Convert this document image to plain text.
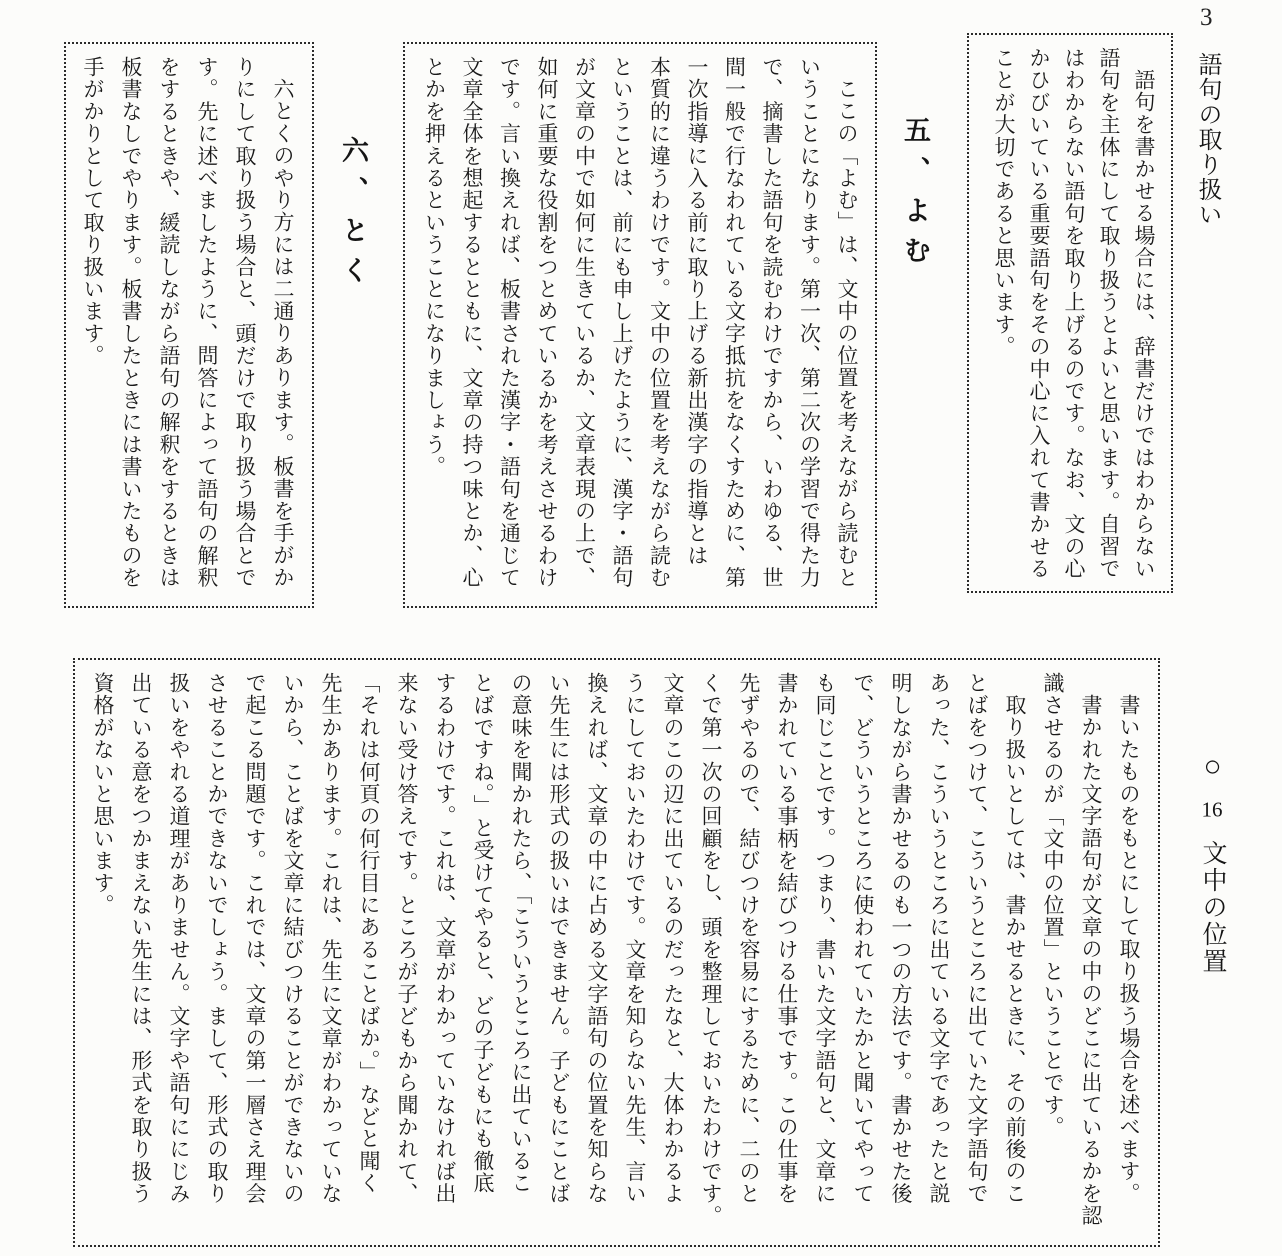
3
語句の取り扱い
語句を書かせる場合には、辞書だけではわからない
語句を主体にして取り扱うとよいと思います。自習で
はわからない語句を取り上げるのです。なお、文の心
かひびいている重要語句をその中心に入れて書かせる
ことが大切であると思います。
五、よむ
ここの「よむ」は、文中の位置を考えながら読むと
いうことになります。第一次、第二次の学習で得た力
で、摘書した語句を読むわけですから、いわゆる、世
間一般で行なわれている文字抵抗をなくすために、第
一次指導に入る前に取り上げる新出漢字の指導とは
本質的に違うわけです。文中の位置を考えながら読む
ということは、前にも申し上げたように、漢字・語句
が文章の中で如何に生きているか、文章表現の上で、
如何に重要な役割をつとめているかを考えさせるわけ
です。言い換えれば、板書された漢字・語句を通じて
文章全体を想起するとともに、文章の持つ味とか、心
とかを押えるということになりましょう。
六、とく
六とくのやり方には二通りあります。板書を手がか
りにして取り扱う場合と、頭だけで取り扱う場合とで
す。先に述べましたように、問答によって語句の解釈
をするときや、緩読しながら語句の解釈をするときは
板書なしでやります。板書したときには書いたものを
手がかりとして取り扱います。
○16文中の位置
書いたものをもとにして取り扱う場合を述べます。
書かれた文字語句が文章の中のどこに出ているかを認
識させるのが「文中の位置」ということです。
取り扱いとしては、書かせるときに、その前後のこ
とばをつけて、こういうところに出ていた文字語句で
あった、こういうところに出ている文字であったと説
明しながら書かせるのも一つの方法です。書かせた後
で、どういうところに使われていたかと聞いてやって
も同じことです。つまり、書いた文字語句と、文章に
書かれている事柄を結びつける仕事です。この仕事を
先ずやるので、結びつけを容易にするために、二のと
くで第一次の回顧をし、頭を整理しておいたわけです。
文章のこの辺に出ているのだったなと、大体わかるよ
うにしておいたわけです。文章を知らない先生、言い
換えれば、文章の中に占める文字語句の位置を知らな
い先生には形式の扱いはできません。子どもにことば
の意味を聞かれたら、「こういうところに出ているこ
とばですね。」と受けてやると、どの子どもにも徹底
するわけです。これは、文章がわかっていなければ出
来ない受け答えです。ところが子どもから聞かれて、
「それは何頁の何行目にあることばか。」などと聞く
先生かあります。これは、先生に文章がわかっていな
いから、ことばを文章に結びつけることができないの
で起こる問題です。これでは、文章の第一層さえ理会
させることかできないでしょう。まして、形式の取り
扱いをやれる道理がありません。文字や語句ににじみ
出ている意をつかまえない先生には、形式を取り扱う
資格がないと思います。
